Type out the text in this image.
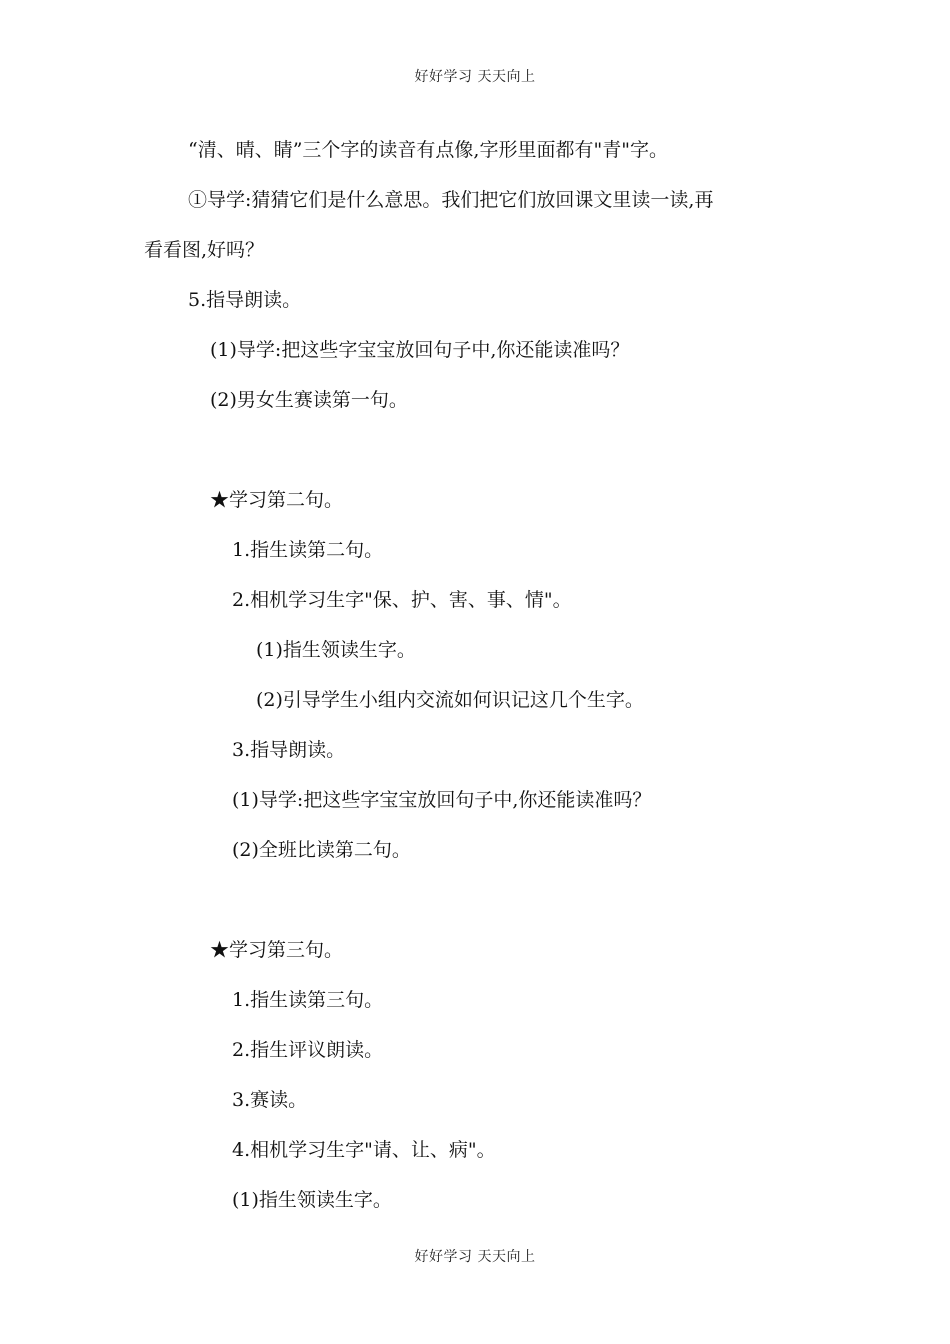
好好学习 天天向上
“清、晴、睛”三个字的读音有点像,字形里面都有"青"字。
①导学:猜猜它们是什么意思。我们把它们放回课文里读一读,再
看看图,好吗？
5.指导朗读。
(1)导学:把这些字宝宝放回句子中,你还能读准吗？
(2)男女生赛读第一句。
★学习第二句。
1.指生读第二句。
2.相机学习生字"保、护、害、事、情"。
(1)指生领读生字。
(2)引导学生小组内交流如何识记这几个生字。
3.指导朗读。
(1)导学:把这些字宝宝放回句子中,你还能读准吗？
(2)全班比读第二句。
★学习第三句。
1.指生读第三句。
2.指生评议朗读。
3.赛读。
4.相机学习生字"请、让、病"。
(1)指生领读生字。
好好学习 天天向上
